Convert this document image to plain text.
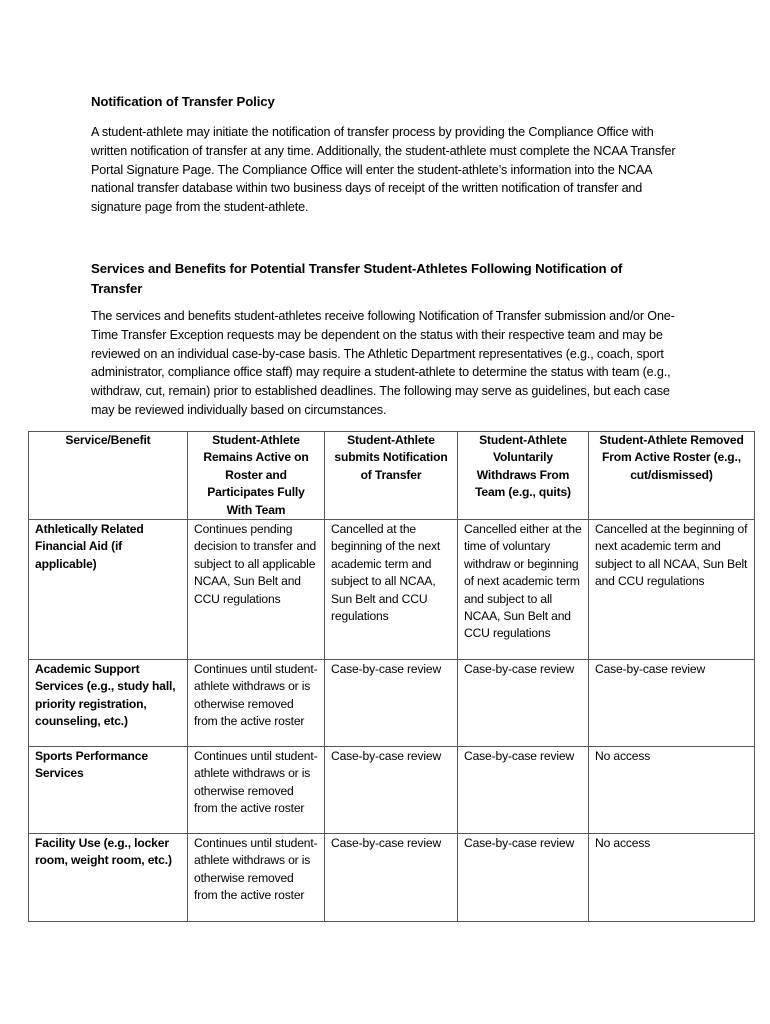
Notification of Transfer Policy
A student-athlete may initiate the notification of transfer process by providing the Compliance Office with written notification of transfer at any time. Additionally, the student-athlete must complete the NCAA Transfer Portal Signature Page. The Compliance Office will enter the student-athlete’s information into the NCAA national transfer database within two business days of receipt of the written notification of transfer and signature page from the student-athlete.
Services and Benefits for Potential Transfer Student-Athletes Following Notification of Transfer
The services and benefits student-athletes receive following Notification of Transfer submission and/or One-Time Transfer Exception requests may be dependent on the status with their respective team and may be reviewed on an individual case-by-case basis. The Athletic Department representatives (e.g., coach, sport administrator, compliance office staff) may require a student-athlete to determine the status with team (e.g., withdraw, cut, remain) prior to established deadlines. The following may serve as guidelines, but each case may be reviewed individually based on circumstances.
Service/Benefit	Student-Athlete Remains Active on Roster and Participates Fully With Team	Student-Athlete submits Notification of Transfer	Student-Athlete Voluntarily Withdraws From Team (e.g., quits)	Student-Athlete Removed From Active Roster (e.g., cut/dismissed)
Athletically Related Financial Aid (if applicable)	Continues pending decision to transfer and subject to all applicable NCAA, Sun Belt and CCU regulations	Cancelled at the beginning of the next academic term and subject to all NCAA, Sun Belt and CCU regulations	Cancelled either at the time of voluntary withdraw or beginning of next academic term and subject to all NCAA, Sun Belt and CCU regulations	Cancelled at the beginning of next academic term and subject to all NCAA, Sun Belt and CCU regulations
Academic Support Services (e.g., study hall, priority registration, counseling, etc.)	Continues until student-athlete withdraws or is otherwise removed from the active roster	Case-by-case review	Case-by-case review	Case-by-case review
Sports Performance Services	Continues until student-athlete withdraws or is otherwise removed from the active roster	Case-by-case review	Case-by-case review	No access
Facility Use (e.g., locker room, weight room, etc.)	Continues until student-athlete withdraws or is otherwise removed from the active roster	Case-by-case review	Case-by-case review	No access
